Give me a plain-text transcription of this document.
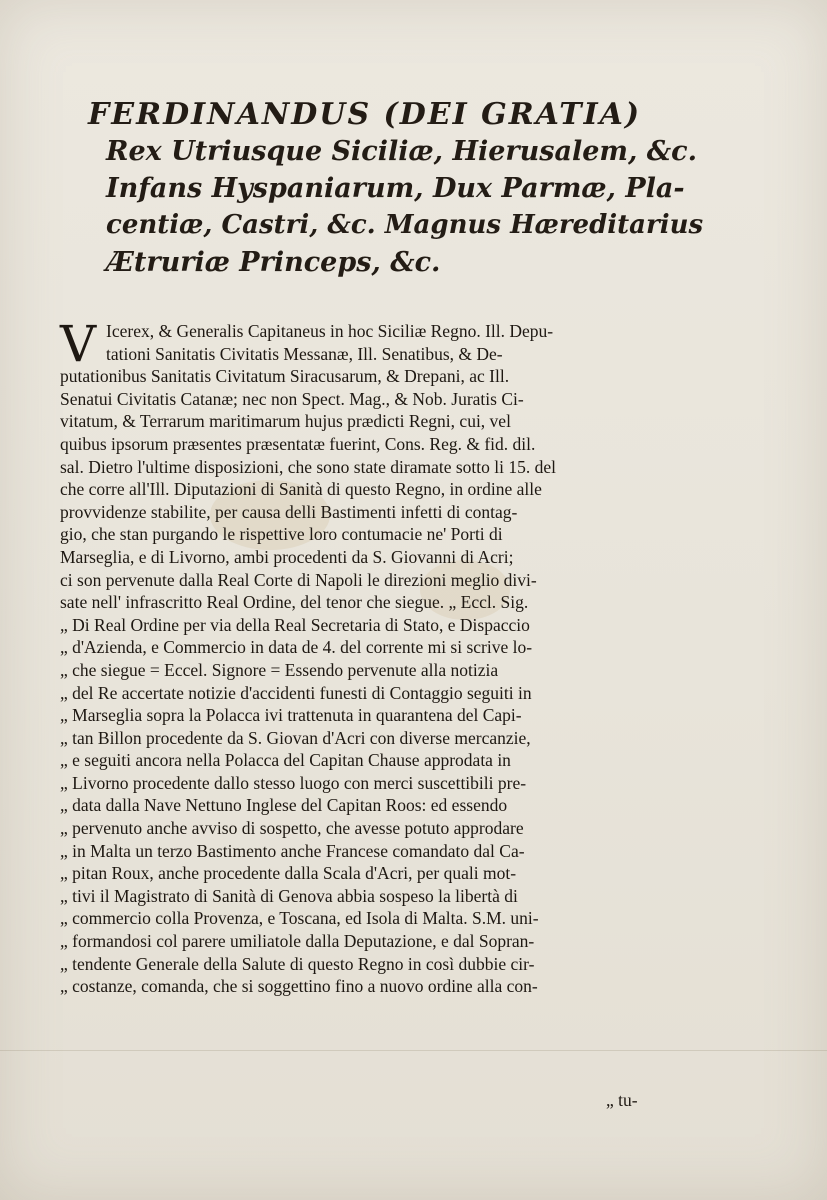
FERDINANDUS (DEI GRATIA)
Rex Utriusque Siciliæ, Hierusalem, &c.
Infans Hyspaniarum, Dux Parmæ, Pla-
centiæ, Castri, &c. Magnus Hæreditarius
Ætruriæ Princeps, &c.
V Icerex, & Generalis Capitaneus in hoc Siciliæ Regno. Ill. Depu-
tationi Sanitatis Civitatis Messanæ, Ill. Senatibus, & De-
putationibus Sanitatis Civitatum Siracusarum, & Drepani, ac Ill.
Senatui Civitatis Catanæ; nec non Spect. Mag., & Nob. Juratis Ci-
vitatum, & Terrarum maritimarum hujus prædicti Regni, cui, vel
quibus ipsorum præsentes præsentatæ fuerint, Cons. Reg. & fid. dil.
sal. Dietro l'ultime disposizioni, che sono state diramate sotto li 15. del
che corre all'Ill. Diputazioni di Sanità di questo Regno, in ordine alle
provvidenze stabilite, per causa delli Bastimenti infetti di contag-
gio, che stan purgando le rispettive loro contumacie ne' Porti di
Marseglia, e di Livorno, ambi procedenti da S. Giovanni di Acri;
ci son pervenute dalla Real Corte di Napoli le direzioni meglio divi-
sate nell' infrascritto Real Ordine, del tenor che siegue. „ Eccl. Sig.
„ Di Real Ordine per via della Real Secretaria di Stato, e Dispaccio
„ d'Azienda, e Commercio in data de 4. del corrente mi si scrive lo-
„ che siegue = Eccel. Signore = Essendo pervenute alla notizia
„ del Re accertate notizie d'accidenti funesti di Contaggio seguiti in
„ Marseglia sopra la Polacca ivi trattenuta in quarantena del Capi-
„ tan Billon procedente da S. Giovan d'Acri con diverse mercanzie,
„ e seguiti ancora nella Polacca del Capitan Chause approdata in
„ Livorno procedente dallo stesso luogo con merci suscettibili pre-
„ data dalla Nave Nettuno Inglese del Capitan Roos: ed essendo
„ pervenuto anche avviso di sospetto, che avesse potuto approdare
„ in Malta un terzo Bastimento anche Francese comandato dal Ca-
„ pitan Roux, anche procedente dalla Scala d'Acri, per quali mot-
„ tivi il Magistrato di Sanità di Genova abbia sospeso la libertà di
„ commercio colla Provenza, e Toscana, ed Isola di Malta. S.M. uni-
„ formandosi col parere umiliatole dalla Deputazione, e dal Sopran-
„ tendente Generale della Salute di questo Regno in così dubbie cir-
„ costanze, comanda, che si soggettino fino a nuovo ordine alla con-
„ tu-
